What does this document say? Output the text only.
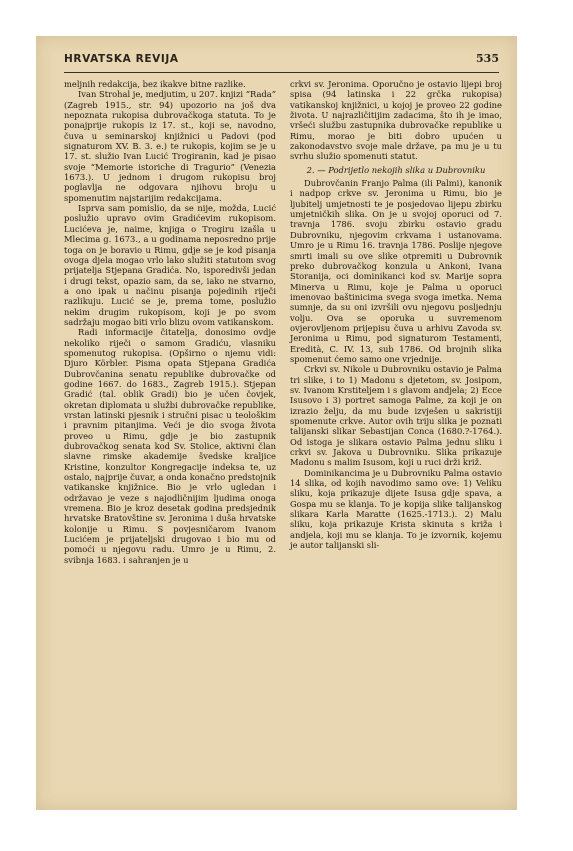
HRVATSKA REVIJA	535

meljnih redakcija, bez ikakve bitne razlike.

Ivan Strohal je, medjutim, u 207. knjizi “Rada” (Zagreb 1915., str. 94) upozorio na još dva nepoznata rukopisa dubrovačkoga statuta. To je ponajprije rukopis iz 17. st., koji se, navodno, čuva u seminarskoj knjižnici u Padovi (pod signaturom XV. B. 3. e.) te rukopis, kojim se je u 17. st. služio Ivan Lucić Trogiranin, kad je pisao svoje “Memorie istoriche di Tragurio” (Venezia 1673.). U jednom i drugom rukopisu broj poglavlja ne odgovara njihovu broju u spomenutim najstarijim redakcijama.

Isprva sam pomislio, da se nije, možda, Lucić poslužio upravo ovim Gradićevim rukopisom. Lucićeva je, naime, knjiga o Trogiru izašla u Mlecima g. 1673., a u godinama neposredno prije toga on je boravio u Rimu, gdje se je kod pisanja ovoga djela mogao vrlo lako služiti statutom svog prijatelja Stjepana Gradića. No, isporedivši jedan i drugi tekst, opazio sam, da se, iako ne stvarno, a ono ipak u načinu pisanja pojedinih riječi razlikuju. Lucić se je, prema tome, poslužio nekim drugim rukopisom, koji je po svom sadržaju mogao biti vrlo blizu ovom vatikanskom.

Radi informacije čitatelja, donosimo ovdje nekoliko riječi o samom Gradiću, vlasniku spomenutog rukopisa. (Opširno o njemu vidi: Djuro Körbler. Pisma opata Stjepana Gradića Dubrovčanina senatu republike dubrovačke od godine 1667. do 1683., Zagreb 1915.). Stjepan Gradić (tal. oblik Gradi) bio je učen čovjek, okretan diplomata u službi dubrovačke republike, vrstan latinski pjesnik i stručni pisac u teološkim i pravnim pitanjima. Veći je dio svoga života proveo u Rimu, gdje je bio zastupnik dubrovačkog senata kod Sv. Stolice, aktivni član slavne rimske akademije švedske kraljice Kristine, konzultor Kongregacije indeksa te, uz ostalo, najprije čuvar, a onda konačno predstojnik vatikanske knjižnice. Bio je vrlo ugledan i održavao je veze s najodličnijim ljudima onoga vremena. Bio je kroz desetak godina predsjednik hrvatske Bratovštine sv. Jeronima i duša hrvatske kolonije u Rimu. S povjesničarom Ivanom Lucićem je prijateljski drugovao i bio mu od pomoći u njegovu radu. Umro je u Rimu, 2. svibnja 1683. i sahranjen je u

crkvi sv. Jeronima. Oporučno je ostavio lijepi broj spisa (94 latinska i 22 grčka rukopisa) vatikanskoj knjižnici, u kojoj je proveo 22 godine života. U najrazličitijim zadacima, što ih je imao, vršeći službu zastupnika dubrovačke republike u Rimu, morao je biti dobro upućen u zakonodavstvo svoje male države, pa mu je u tu svrhu služio spomenuti statut.

2. — Podrijetlo nekojih slika u Dubrovniku

Dubrovčanin Franjo Palma (ili Palmi), kanonik i nadpop crkve sv. Jeronima u Rimu, bio je ljubitelj umjetnosti te je posjedovao lijepu zbirku umjetničkih slika. On je u svojoj oporuci od 7. travnja 1786. svoju zbirku ostavio gradu Dubrovniku, njegovim crkvama i ustanovama. Umro je u Rimu 16. travnja 1786. Poslije njegove smrti imali su ove slike otpremiti u Dubrovnik preko dubrovačkog konzula u Ankoni, Ivana Storanija, oci dominikanci kod sv. Marije sopra Minerva u Rimu, koje je Palma u oporuci imenovao baštinicima svega svoga imetka. Nema sumnje, da su oni izvršili ovu njegovu posljednju volju. Ova se oporuka u suvremenom ovjerovljenom prijepisu čuva u arhivu Zavoda sv. Jeronima u Rimu, pod signaturom Testamenti, Eredità, C. IV. 13, sub 1786. Od brojnih slika spomenut ćemo samo one vrjednije.

Crkvi sv. Nikole u Dubrovniku ostavio je Palma tri slike, i to 1) Madonu s djetetom, sv. Josipom, sv. Ivanom Krstiteljem i s glavom andjela; 2) Ecce Isusovo i 3) portret samoga Palme, za koji je on izrazio želju, da mu bude izvješen u sakristiji spomenute crkve. Autor ovih triju slika je poznati talijanski slikar Sebastijan Conca (1680.?-1764.). Od istoga je slikara ostavio Palma jednu sliku i crkvi sv. Jakova u Dubrovniku. Slika prikazuje Madonu s malim Isusom, koji u ruci drži križ.

Dominikancima je u Dubrovniku Palma ostavio 14 slika, od kojih navodimo samo ove: 1) Veliku sliku, koja prikazuje dijete Isusa gdje spava, a Gospa mu se klanja. To je kopija slike talijanskog slikara Karla Maratte (1625.-1713.). 2) Malu sliku, koja prikazuje Krista skinuta s križa i andjela, koji mu se klanja. To je izvornik, kojemu je autor talijanski sli-
